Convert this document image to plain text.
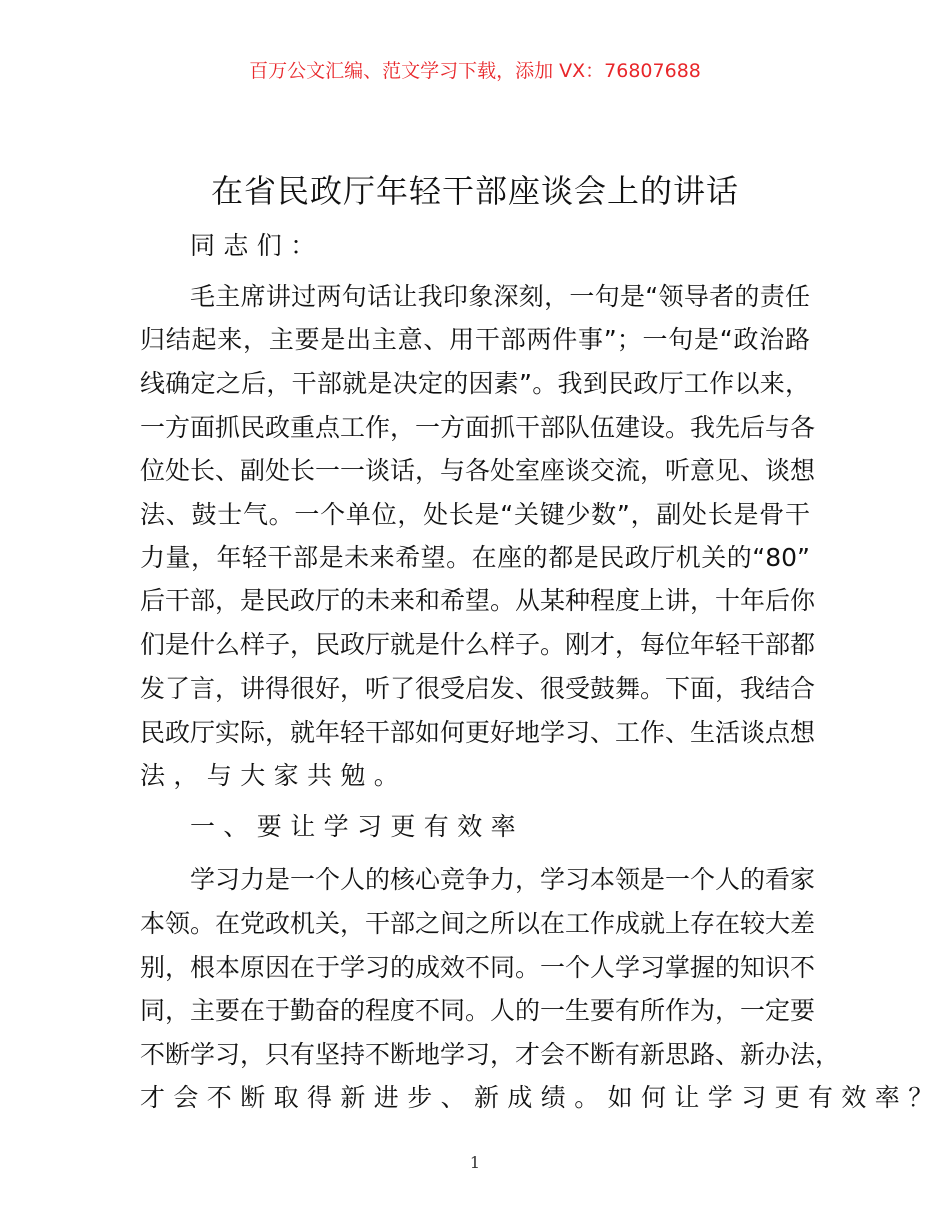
百万公文汇编、范文学习下载，添加 VX：76807688
在省民政厅年轻干部座谈会上的讲话
同志们：
毛主席讲过两句话让我印象深刻，一句是“领导者的责任
归结起来，主要是出主意、用干部两件事”；一句是“政治路
线确定之后，干部就是决定的因素”。我到民政厅工作以来，
一方面抓民政重点工作，一方面抓干部队伍建设。我先后与各
位处长、副处长一一谈话，与各处室座谈交流，听意见、谈想
法、鼓士气。一个单位，处长是“关键少数”，副处长是骨干
力量，年轻干部是未来希望。在座的都是民政厅机关的“80”
后干部，是民政厅的未来和希望。从某种程度上讲，十年后你
们是什么样子，民政厅就是什么样子。刚才，每位年轻干部都
发了言，讲得很好，听了很受启发、很受鼓舞。下面，我结合
民政厅实际，就年轻干部如何更好地学习、工作、生活谈点想
法，与大家共勉。
一、要让学习更有效率
学习力是一个人的核心竞争力，学习本领是一个人的看家
本领。在党政机关，干部之间之所以在工作成就上存在较大差
别，根本原因在于学习的成效不同。一个人学习掌握的知识不
同，主要在于勤奋的程度不同。人的一生要有所作为，一定要
不断学习，只有坚持不断地学习，才会不断有新思路、新办法，
才会不断取得新进步、新成绩。如何让学习更有效率？
1
